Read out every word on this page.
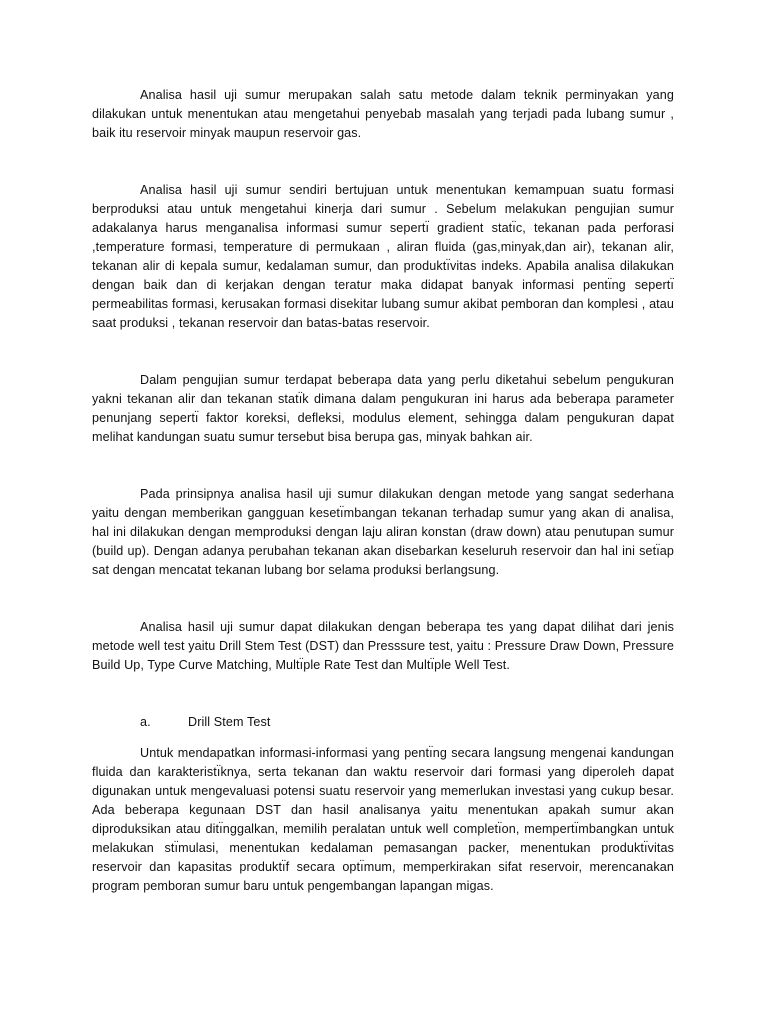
Analisa hasil uji sumur merupakan salah satu metode dalam teknik perminyakan yang dilakukan untuk menentukan atau mengetahui penyebab masalah yang terjadi pada lubang sumur , baik itu reservoir minyak maupun reservoir gas.

Analisa hasil uji sumur sendiri bertujuan untuk menentukan kemampuan suatu formasi berproduksi atau untuk mengetahui kinerja dari sumur . Sebelum melakukan pengujian sumur adakalanya harus menganalisa informasi sumur sepertı̈ gradient statı̈c, tekanan pada perforasi ,temperature formasi, temperature di permukaan , aliran fluida (gas,minyak,dan air), tekanan alir, tekanan alir di kepala sumur, kedalaman sumur, dan produktı̈vitas indeks. Apabila analisa dilakukan dengan baik dan di kerjakan dengan teratur maka didapat banyak informasi pentı̈ng sepertı̈ permeabilitas formasi, kerusakan formasi disekitar lubang sumur akibat pemboran dan komplesi , atau saat produksi , tekanan reservoir dan batas-batas reservoir.

Dalam pengujian sumur terdapat beberapa data yang perlu diketahui sebelum pengukuran yakni tekanan alir dan tekanan statı̈k dimana dalam pengukuran ini harus ada beberapa parameter penunjang sepertı̈ faktor koreksi, defleksi, modulus element, sehingga dalam pengukuran dapat melihat kandungan suatu sumur tersebut bisa berupa gas, minyak bahkan air.

Pada prinsipnya analisa hasil uji sumur dilakukan dengan metode yang sangat sederhana yaitu dengan memberikan gangguan kesetı̈mbangan tekanan terhadap sumur yang akan di analisa, hal ini dilakukan dengan memproduksi dengan laju aliran konstan (draw down) atau penutupan sumur (build up). Dengan adanya perubahan tekanan akan disebarkan keseluruh reservoir dan hal ini setı̈ap sat dengan mencatat tekanan lubang bor selama produksi berlangsung.

Analisa hasil uji sumur dapat dilakukan dengan beberapa tes yang dapat dilihat dari jenis metode well test yaitu Drill Stem Test (DST) dan Presssure test, yaitu : Pressure Draw Down, Pressure Build Up, Type Curve Matching, Multı̈ple Rate Test dan Multı̈ple Well Test.

a.	Drill Stem Test

Untuk mendapatkan informasi-informasi yang pentı̈ng secara langsung mengenai kandungan fluida dan karakteristı̈knya, serta tekanan dan waktu reservoir dari formasi yang diperoleh dapat digunakan untuk mengevaluasi potensi suatu reservoir yang memerlukan investasi yang cukup besar. Ada beberapa kegunaan DST dan hasil analisanya yaitu menentukan apakah sumur akan diproduksikan atau ditı̈nggalkan, memilih peralatan untuk well completı̈on, mempertı̈mbangkan untuk melakukan stı̈mulasi, menentukan kedalaman pemasangan packer, menentukan produktı̈vitas reservoir dan kapasitas produktı̈f secara optı̈mum, memperkirakan sifat reservoir, merencanakan program pemboran sumur baru untuk pengembangan lapangan migas.
